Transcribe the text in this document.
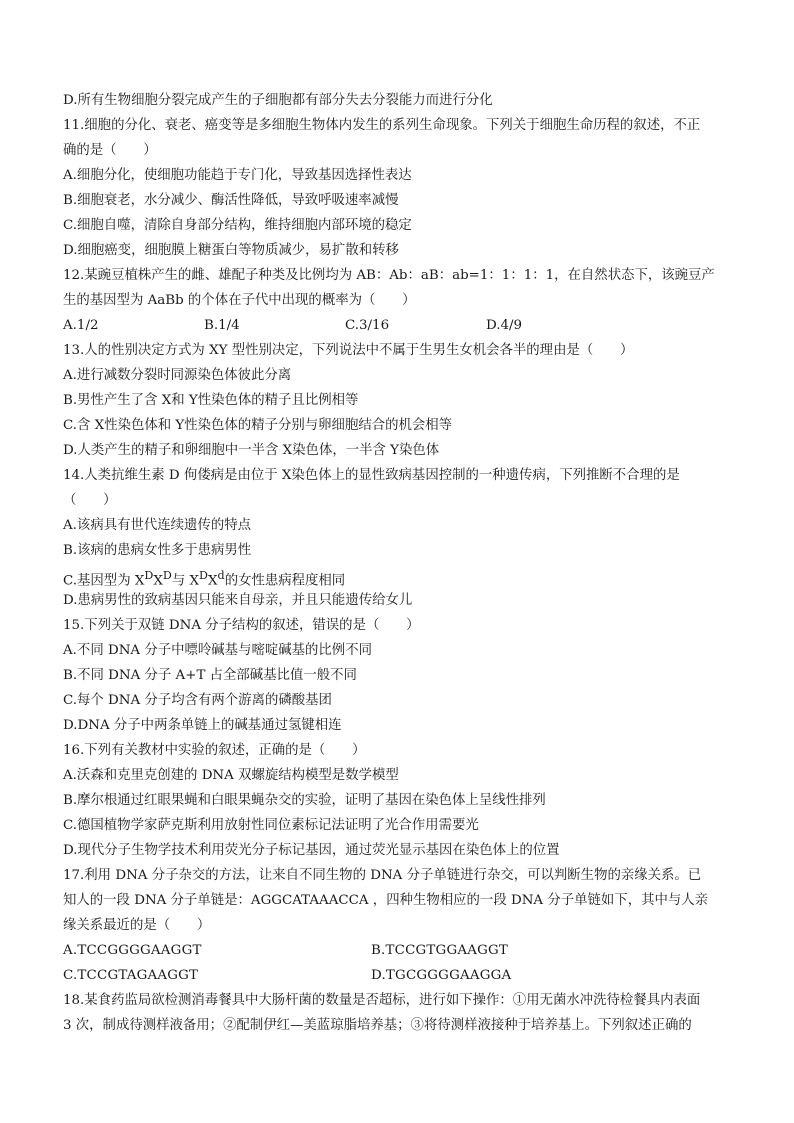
D.所有生物细胞分裂完成产生的子细胞都有部分失去分裂能力而进行分化
11.细胞的分化、衰老、癌变等是多细胞生物体内发生的系列生命现象。下列关于细胞生命历程的叙述，不正
确的是（　　）
A.细胞分化，使细胞功能趋于专门化，导致基因选择性表达
B.细胞衰老，水分减少、酶活性降低，导致呼吸速率减慢
C.细胞自噬，清除自身部分结构，维持细胞内部环境的稳定
D.细胞癌变，细胞膜上糖蛋白等物质减少，易扩散和转移
12.某豌豆植株产生的雌、雄配子种类及比例均为 AB：Ab：aB：ab=1：1：1：1，在自然状态下，该豌豆产
生的基因型为 AaBb 的个体在子代中出现的概率为（　　）
A.1/2	B.1/4	C.3/16	D.4/9
13.人的性别决定方式为 XY 型性别决定，下列说法中不属于生男生女机会各半的理由是（　　）
A.进行减数分裂时同源染色体彼此分离
B.男性产生了含 X和 Y性染色体的精子且比例相等
C.含 X性染色体和 Y性染色体的精子分别与卵细胞结合的机会相等
D.人类产生的精子和卵细胞中一半含 X染色体，一半含 Y染色体
14.人类抗维生素 D 佝偻病是由位于 X染色体上的显性致病基因控制的一种遗传病，下列推断不合理的是
（　　）
A.该病具有世代连续遗传的特点
B.该病的患病女性多于患病男性
C.基因型为 $X^DX^D$与 $X^DX^d$的女性患病程度相同
D.患病男性的致病基因只能来自母亲，并且只能遗传给女儿
15.下列关于双链 DNA 分子结构的叙述，错误的是（　　）
A.不同 DNA 分子中嘌呤碱基与嘧啶碱基的比例不同
B.不同 DNA 分子 A+T 占全部碱基比值一般不同
C.每个 DNA 分子均含有两个游离的磷酸基团
D.DNA 分子中两条单链上的碱基通过氢键相连
16.下列有关教材中实验的叙述，正确的是（　　）
A.沃森和克里克创建的 DNA 双螺旋结构模型是数学模型
B.摩尔根通过红眼果蝇和白眼果蝇杂交的实验，证明了基因在染色体上呈线性排列
C.德国植物学家萨克斯利用放射性同位素标记法证明了光合作用需要光
D.现代分子生物学技术利用荧光分子标记基因，通过荧光显示基因在染色体上的位置
17.利用 DNA 分子杂交的方法，让来自不同生物的 DNA 分子单链进行杂交，可以判断生物的亲缘关系。已
知人的一段 DNA 分子单链是：AGGCATAAACCA ，四种生物相应的一段 DNA 分子单链如下，其中与人亲
缘关系最近的是（　　）
A.TCCGGGGAAGGT	B.TCCGTGGAAGGT
C.TCCGTAGAAGGT	D.TGCGGGGAAGGA
18.某食药监局欲检测消毒餐具中大肠杆菌的数量是否超标，进行如下操作：①用无菌水冲洗待检餐具内表面
3 次，制成待测样液备用；②配制伊红—美蓝琼脂培养基；③将待测样液接种于培养基上。下列叙述正确的
